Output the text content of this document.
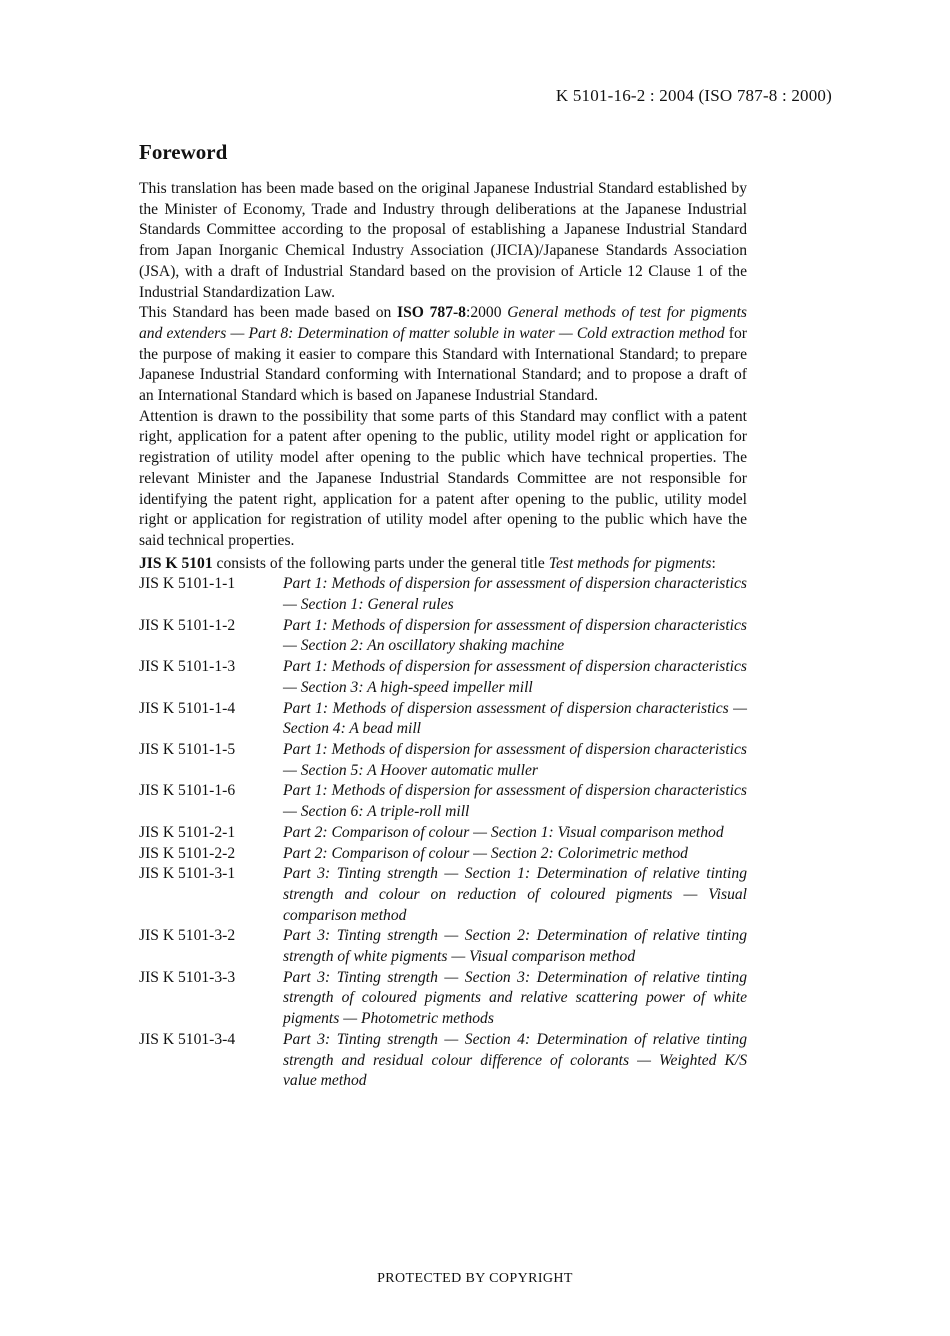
K 5101-16-2 : 2004 (ISO 787-8 : 2000)
Foreword

This translation has been made based on the original Japanese Industrial Standard established by the Minister of Economy, Trade and Industry through deliberations at the Japanese Industrial Standards Committee according to the proposal of establishing a Japanese Industrial Standard from Japan Inorganic Chemical Industry Association (JICIA)/Japanese Standards Association (JSA), with a draft of Industrial Standard based on the provision of Article 12 Clause 1 of the Industrial Standardization Law.

This Standard has been made based on ISO 787-8:2000 General methods of test for pigments and extenders — Part 8: Determination of matter soluble in water — Cold extraction method for the purpose of making it easier to compare this Standard with International Standard; to prepare Japanese Industrial Standard conforming with International Standard; and to propose a draft of an International Standard which is based on Japanese Industrial Standard.

Attention is drawn to the possibility that some parts of this Standard may conflict with a patent right, application for a patent after opening to the public, utility model right or application for registration of utility model after opening to the public which have technical properties. The relevant Minister and the Japanese Industrial Standards Committee are not responsible for identifying the patent right, application for a patent after opening to the public, utility model right or application for registration of utility model after opening to the public which have the said technical properties.

JIS K 5101 consists of the following parts under the general title Test methods for pigments:

JIS K 5101-1-1	Part 1: Methods of dispersion for assessment of dispersion characteristics — Section 1: General rules
JIS K 5101-1-2	Part 1: Methods of dispersion for assessment of dispersion characteristics — Section 2: An oscillatory shaking machine
JIS K 5101-1-3	Part 1: Methods of dispersion for assessment of dispersion characteristics — Section 3: A high-speed impeller mill
JIS K 5101-1-4	Part 1: Methods of dispersion assessment of dispersion characteristics — Section 4: A bead mill
JIS K 5101-1-5	Part 1: Methods of dispersion for assessment of dispersion characteristics — Section 5: A Hoover automatic muller
JIS K 5101-1-6	Part 1: Methods of dispersion for assessment of dispersion characteristics — Section 6: A triple-roll mill
JIS K 5101-2-1	Part 2: Comparison of colour — Section 1: Visual comparison method
JIS K 5101-2-2	Part 2: Comparison of colour — Section 2: Colorimetric method
JIS K 5101-3-1	Part 3: Tinting strength — Section 1: Determination of relative tinting strength and colour on reduction of coloured pigments — Visual comparison method
JIS K 5101-3-2	Part 3: Tinting strength — Section 2: Determination of relative tinting strength of white pigments — Visual comparison method
JIS K 5101-3-3	Part 3: Tinting strength — Section 3: Determination of relative tinting strength of coloured pigments and relative scattering power of white pigments — Photometric methods
JIS K 5101-3-4	Part 3: Tinting strength — Section 4: Determination of relative tinting strength and residual colour difference of colorants — Weighted K/S value method
PROTECTED BY COPYRIGHT
